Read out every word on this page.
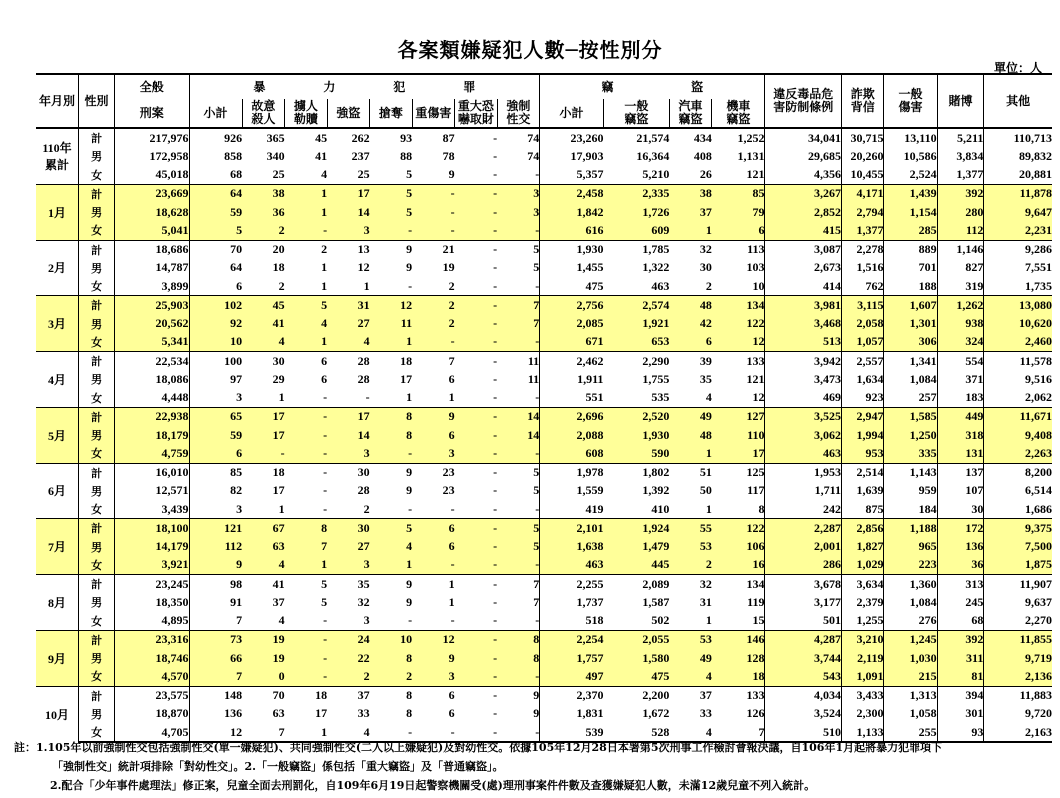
各案類嫌疑犯人數─按性別分
單位：人
年月別	性別	全般	暴 力 犯 罪								竊 盜				違反毒品危
害防制條例	詐欺
背信	一般
傷害	賭博	其他
		刑案	小計	故意
殺人	擄人
勒贖	強盜	搶奪	重傷害	重大恐
嚇取財	強制
性交	小計	一般
竊盜	汽車
竊盜	機車
竊盜					
110年
累計	計	217,976	926	365	45	262	93	87	-	74	23,260	21,574	434	1,252	34,041	30,715	13,110	5,211	110,713
	男	172,958	858	340	41	237	88	78	-	74	17,903	16,364	408	1,131	29,685	20,260	10,586	3,834	89,832
	女	45,018	68	25	4	25	5	9	-	-	5,357	5,210	26	121	4,356	10,455	2,524	1,377	20,881
1月	計	23,669	64	38	1	17	5	-	-	3	2,458	2,335	38	85	3,267	4,171	1,439	392	11,878
	男	18,628	59	36	1	14	5	-	-	3	1,842	1,726	37	79	2,852	2,794	1,154	280	9,647
	女	5,041	5	2	-	3	-	-	-	-	616	609	1	6	415	1,377	285	112	2,231
2月	計	18,686	70	20	2	13	9	21	-	5	1,930	1,785	32	113	3,087	2,278	889	1,146	9,286
	男	14,787	64	18	1	12	9	19	-	5	1,455	1,322	30	103	2,673	1,516	701	827	7,551
	女	3,899	6	2	1	1	-	2	-	-	475	463	2	10	414	762	188	319	1,735
3月	計	25,903	102	45	5	31	12	2	-	7	2,756	2,574	48	134	3,981	3,115	1,607	1,262	13,080
	男	20,562	92	41	4	27	11	2	-	7	2,085	1,921	42	122	3,468	2,058	1,301	938	10,620
	女	5,341	10	4	1	4	1	-	-	-	671	653	6	12	513	1,057	306	324	2,460
4月	計	22,534	100	30	6	28	18	7	-	11	2,462	2,290	39	133	3,942	2,557	1,341	554	11,578
	男	18,086	97	29	6	28	17	6	-	11	1,911	1,755	35	121	3,473	1,634	1,084	371	9,516
	女	4,448	3	1	-	-	1	1	-	-	551	535	4	12	469	923	257	183	2,062
5月	計	22,938	65	17	-	17	8	9	-	14	2,696	2,520	49	127	3,525	2,947	1,585	449	11,671
	男	18,179	59	17	-	14	8	6	-	14	2,088	1,930	48	110	3,062	1,994	1,250	318	9,408
	女	4,759	6	-	-	3	-	3	-	-	608	590	1	17	463	953	335	131	2,263
6月	計	16,010	85	18	-	30	9	23	-	5	1,978	1,802	51	125	1,953	2,514	1,143	137	8,200
	男	12,571	82	17	-	28	9	23	-	5	1,559	1,392	50	117	1,711	1,639	959	107	6,514
	女	3,439	3	1	-	2	-	-	-	-	419	410	1	8	242	875	184	30	1,686
7月	計	18,100	121	67	8	30	5	6	-	5	2,101	1,924	55	122	2,287	2,856	1,188	172	9,375
	男	14,179	112	63	7	27	4	6	-	5	1,638	1,479	53	106	2,001	1,827	965	136	7,500
	女	3,921	9	4	1	3	1	-	-	-	463	445	2	16	286	1,029	223	36	1,875
8月	計	23,245	98	41	5	35	9	1	-	7	2,255	2,089	32	134	3,678	3,634	1,360	313	11,907
	男	18,350	91	37	5	32	9	1	-	7	1,737	1,587	31	119	3,177	2,379	1,084	245	9,637
	女	4,895	7	4	-	3	-	-	-	-	518	502	1	15	501	1,255	276	68	2,270
9月	計	23,316	73	19	-	24	10	12	-	8	2,254	2,055	53	146	4,287	3,210	1,245	392	11,855
	男	18,746	66	19	-	22	8	9	-	8	1,757	1,580	49	128	3,744	2,119	1,030	311	9,719
	女	4,570	7	0	-	2	2	3	-	-	497	475	4	18	543	1,091	215	81	2,136
10月	計	23,575	148	70	18	37	8	6	-	9	2,370	2,200	37	133	4,034	3,433	1,313	394	11,883
	男	18,870	136	63	17	33	8	6	-	9	1,831	1,672	33	126	3,524	2,300	1,058	301	9,720
	女	4,705	12	7	1	4	-	-	-	-	539	528	4	7	510	1,133	255	93	2,163
註：1.105年以前強制性交包括強制性交(單一嫌疑犯)、共同強制性交(二人以上嫌疑犯)及對幼性交。依據105年12月28日本署第5次刑事工作檢討會報決議，自106年1月起將暴力犯罪項下
「強制性交」統計項排除「對幼性交」。2.「一般竊盜」係包括「重大竊盜」及「普通竊盜」。
2.配合「少年事件處理法」修正案，兒童全面去刑罰化，自109年6月19日起警察機關受(處)理刑事案件件數及查獲嫌疑犯人數，未滿12歲兒童不列入統計。
